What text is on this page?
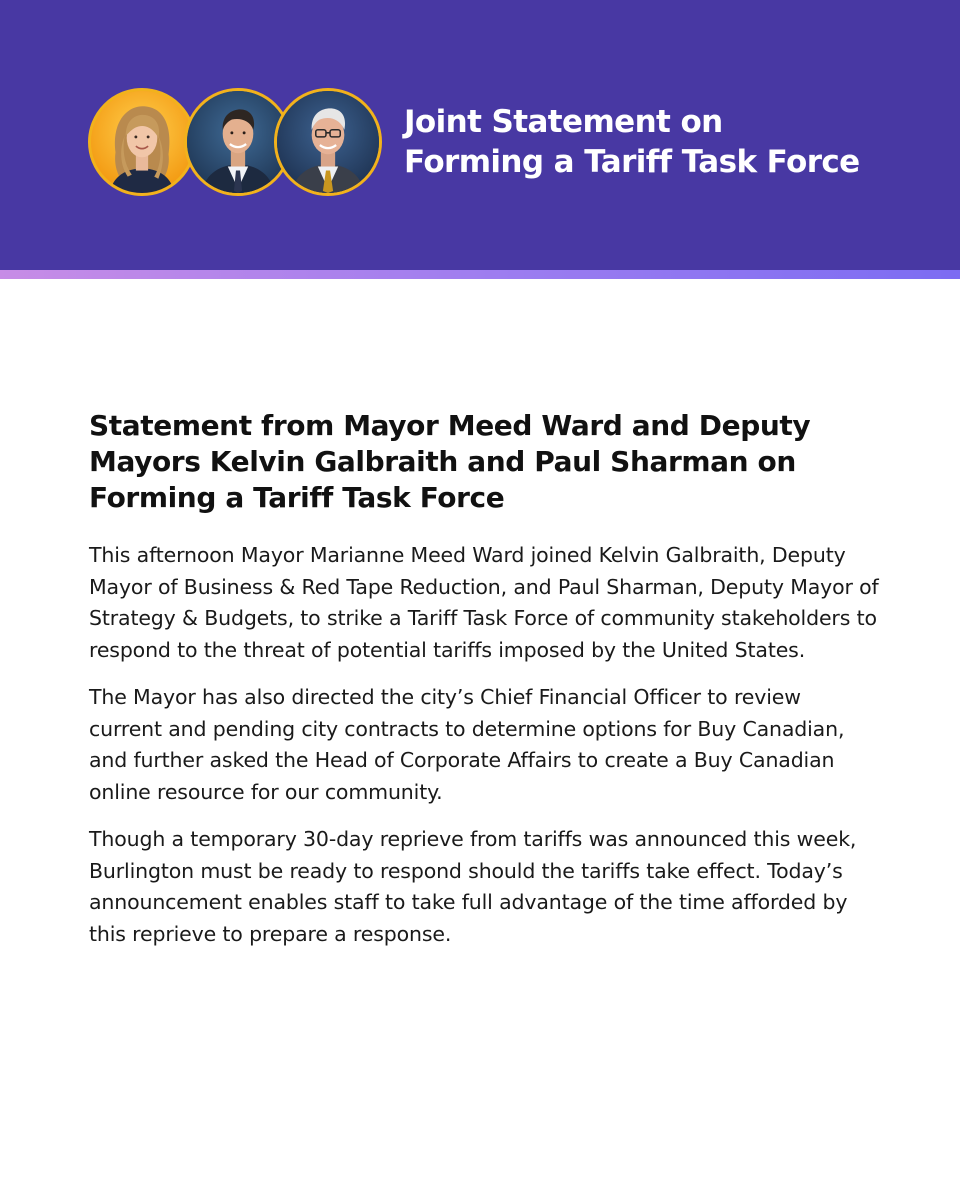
Joint Statement on
Forming a Tariff Task Force
Statement from Mayor Meed Ward and Deputy Mayors Kelvin Galbraith and Paul Sharman on Forming a Tariff Task Force

This afternoon Mayor Marianne Meed Ward joined Kelvin Galbraith, Deputy Mayor of Business & Red Tape Reduction, and Paul Sharman, Deputy Mayor of Strategy & Budgets, to strike a Tariff Task Force of community stakeholders to respond to the threat of potential tariffs imposed by the United States.

The Mayor has also directed the city’s Chief Financial Officer to review current and pending city contracts to determine options for Buy Canadian, and further asked the Head of Corporate Affairs to create a Buy Canadian online resource for our community.

Though a temporary 30-day reprieve from tariffs was announced this week, Burlington must be ready to respond should the tariffs take effect. Today’s announcement enables staff to take full advantage of the time afforded by this reprieve to prepare a response.
